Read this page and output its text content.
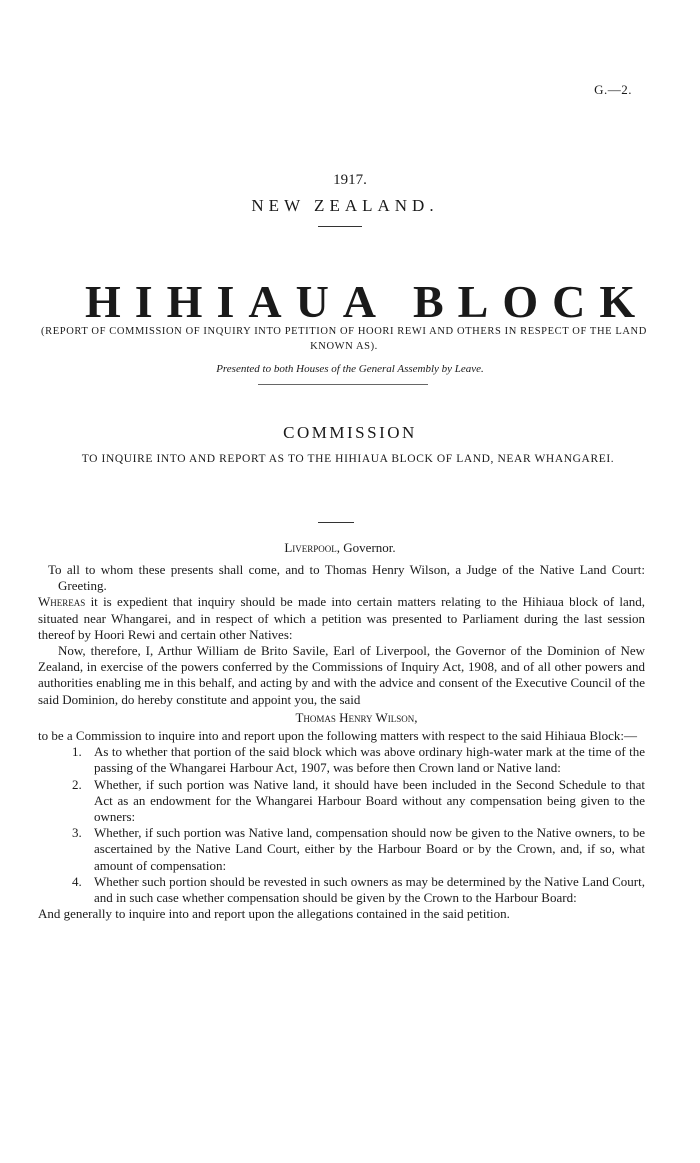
G.—2.
1917.
NEW ZEALAND.
HIHIAUA BLOCK
(REPORT OF COMMISSION OF INQUIRY INTO PETITION OF HOORI REWI AND OTHERS IN RESPECT OF THE LAND KNOWN AS).
Presented to both Houses of the General Assembly by Leave.
COMMISSION
TO INQUIRE INTO AND REPORT AS TO THE HIHIAUA BLOCK OF LAND, NEAR WHANGAREI.
Liverpool, Governor.

To all to whom these presents shall come, and to Thomas Henry Wilson, a Judge of the Native Land Court: Greeting.

Whereas it is expedient that inquiry should be made into certain matters relating to the Hihiaua block of land, situated near Whangarei, and in respect of which a petition was presented to Parliament during the last session thereof by Hoori Rewi and certain other Natives:

Now, therefore, I, Arthur William de Brito Savile, Earl of Liverpool, the Governor of the Dominion of New Zealand, in exercise of the powers conferred by the Commissions of Inquiry Act, 1908, and of all other powers and authorities enabling me in this behalf, and acting by and with the advice and consent of the Executive Council of the said Dominion, do hereby constitute and appoint you, the said

Thomas Henry Wilson,

to be a Commission to inquire into and report upon the following matters with respect to the said Hihiaua Block:—

1. As to whether that portion of the said block which was above ordinary high-water mark at the time of the passing of the Whangarei Harbour Act, 1907, was before then Crown land or Native land:
2. Whether, if such portion was Native land, it should have been included in the Second Schedule to that Act as an endowment for the Whangarei Harbour Board without any compensation being given to the owners:
3. Whether, if such portion was Native land, compensation should now be given to the Native owners, to be ascertained by the Native Land Court, either by the Harbour Board or by the Crown, and, if so, what amount of compensation:
4. Whether such portion should be revested in such owners as may be determined by the Native Land Court, and in such case whether compensation should be given by the Crown to the Harbour Board:

And generally to inquire into and report upon the allegations contained in the said petition.
